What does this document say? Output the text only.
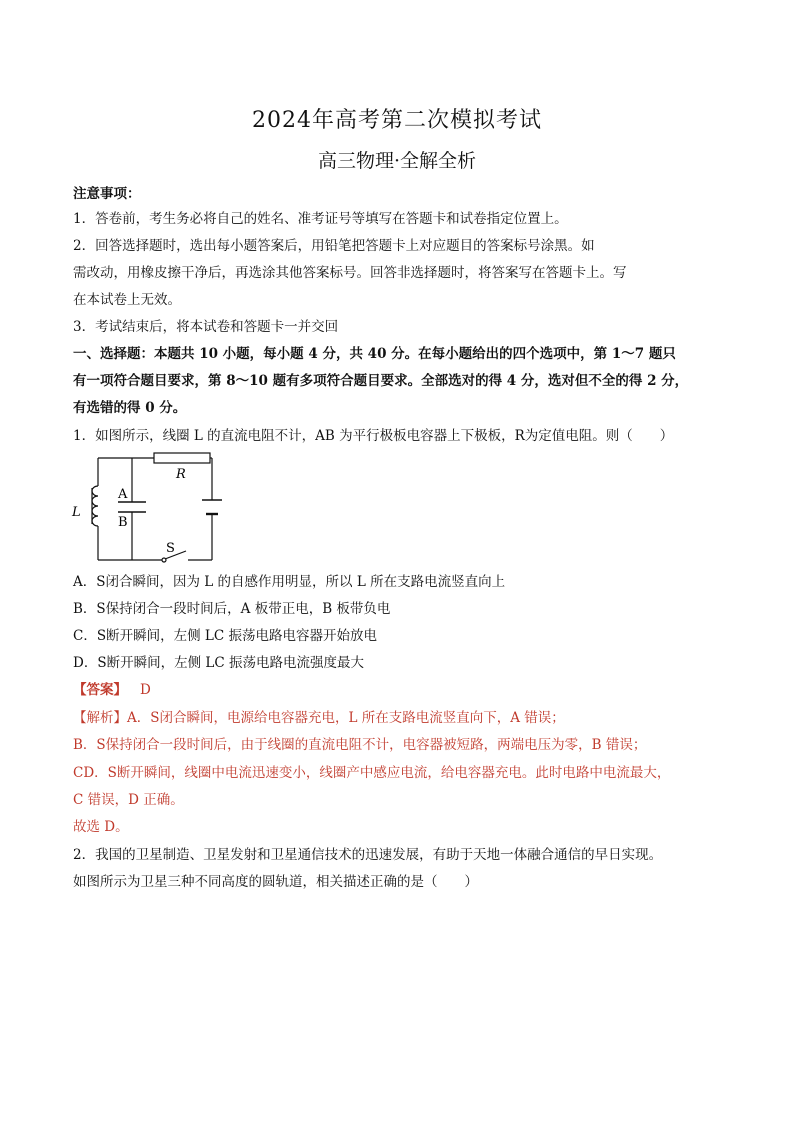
2024年高考第二次模拟考试
高三物理·全解全析
注意事项：
1．答卷前，考生务必将自己的姓名、准考证号等填写在答题卡和试卷指定位置上。
2．回答选择题时，选出每小题答案后，用铅笔把答题卡上对应题目的答案标号涂黑。如
需改动，用橡皮擦干净后，再选涂其他答案标号。回答非选择题时，将答案写在答题卡上。写
在本试卷上无效。
3．考试结束后，将本试卷和答题卡一并交回
一、选择题：本题共 10 小题，每小题 4 分，共 40 分。在每小题给出的四个选项中，第 1～7 题只
有一项符合题目要求，第 8～10 题有多项符合题目要求。全部选对的得 4 分，选对但不全的得 2 分，
有选错的得 0 分。
1．如图所示，线圈 L 的直流电阻不计，AB 为平行极板电容器上下极板，R为定值电阻。则（　　）
R
A
B
L
S
A．S闭合瞬间，因为 L 的自感作用明显，所以 L 所在支路电流竖直向上
B．S保持闭合一段时间后，A 板带正电，B 板带负电
C．S断开瞬间，左侧 LC 振荡电路电容器开始放电
D．S断开瞬间，左侧 LC 振荡电路电流强度最大
【答案】 D
【解析】A．S闭合瞬间，电源给电容器充电，L 所在支路电流竖直向下，A 错误；
B．S保持闭合一段时间后，由于线圈的直流电阻不计，电容器被短路，两端电压为零，B 错误；
CD．S断开瞬间，线圈中电流迅速变小，线圈产中感应电流，给电容器充电。此时电路中电流最大，
C 错误，D 正确。
故选 D。
2．我国的卫星制造、卫星发射和卫星通信技术的迅速发展，有助于天地一体融合通信的早日实现。
如图所示为卫星三种不同高度的圆轨道，相关描述正确的是（　　）
